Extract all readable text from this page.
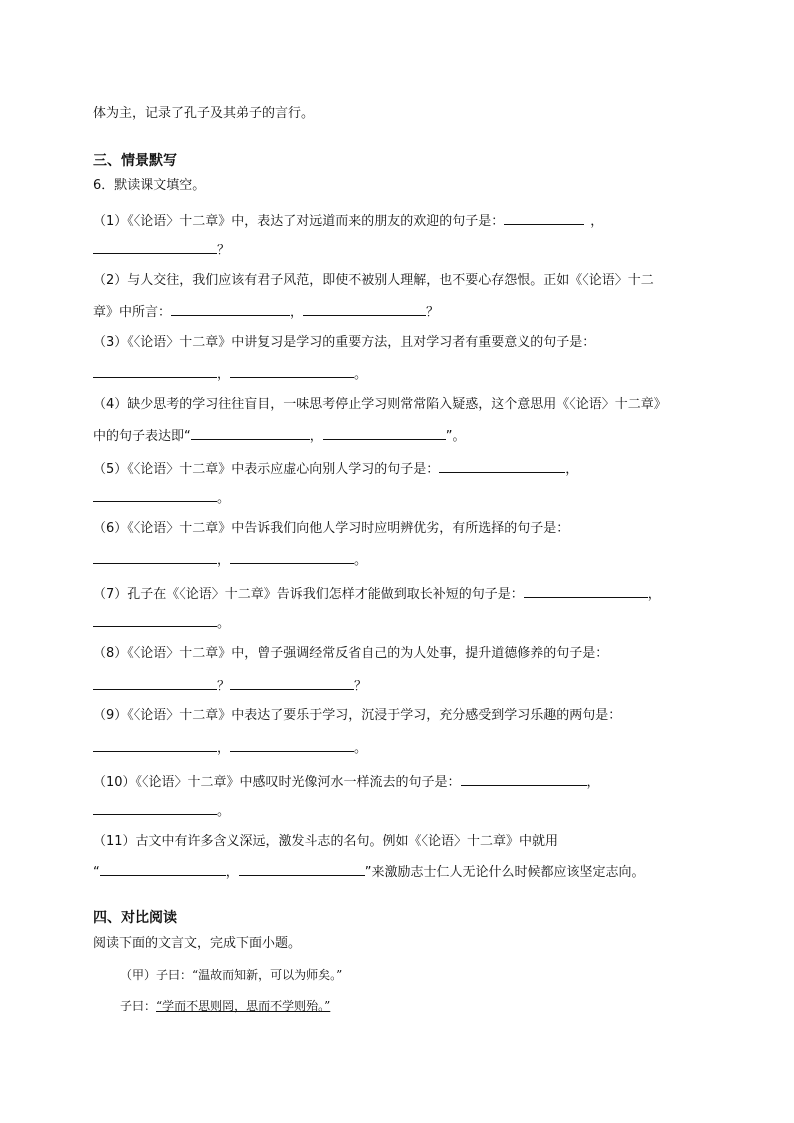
体为主，记录了孔子及其弟子的言行。
三、情景默写
6．默读课文填空。
（1）《〈论语〉十二章》中，表达了对远道而来的朋友的欢迎的句子是：	，
？
（2）与人交往，我们应该有君子风范，即使不被别人理解，也不要心存怨恨。正如《〈论语〉十二
章》中所言：	，	？
（3）《〈论语〉十二章》中讲复习是学习的重要方法，且对学习者有重要意义的句子是：
，	。
（4）缺少思考的学习往往盲目，一味思考停止学习则常常陷入疑惑，这个意思用《〈论语〉十二章》
中的句子表达即“	，	”。
（5）《〈论语〉十二章》中表示应虚心向别人学习的句子是：	，
。
（6）《〈论语〉十二章》中告诉我们向他人学习时应明辨优劣，有所选择的句子是：
，	。
（7）孔子在《〈论语〉十二章》告诉我们怎样才能做到取长补短的句子是：	，
。
（8）《〈论语〉十二章》中，曾子强调经常反省自己的为人处事，提升道德修养的句子是：
？	？
（9）《〈论语〉十二章》中表达了要乐于学习，沉浸于学习，充分感受到学习乐趣的两句是：
，	。
（10）《〈论语〉十二章》中感叹时光像河水一样流去的句子是：	，
。
（11）古文中有许多含义深远，激发斗志的名句。例如《〈论语〉十二章》中就用
“	，	”来激励志士仁人无论什么时候都应该坚定志向。
四、对比阅读
阅读下面的文言文，完成下面小题。
（甲）子曰：“温故而知新，可以为师矣。”
子曰：“学而不思则罔，思而不学则殆。”
